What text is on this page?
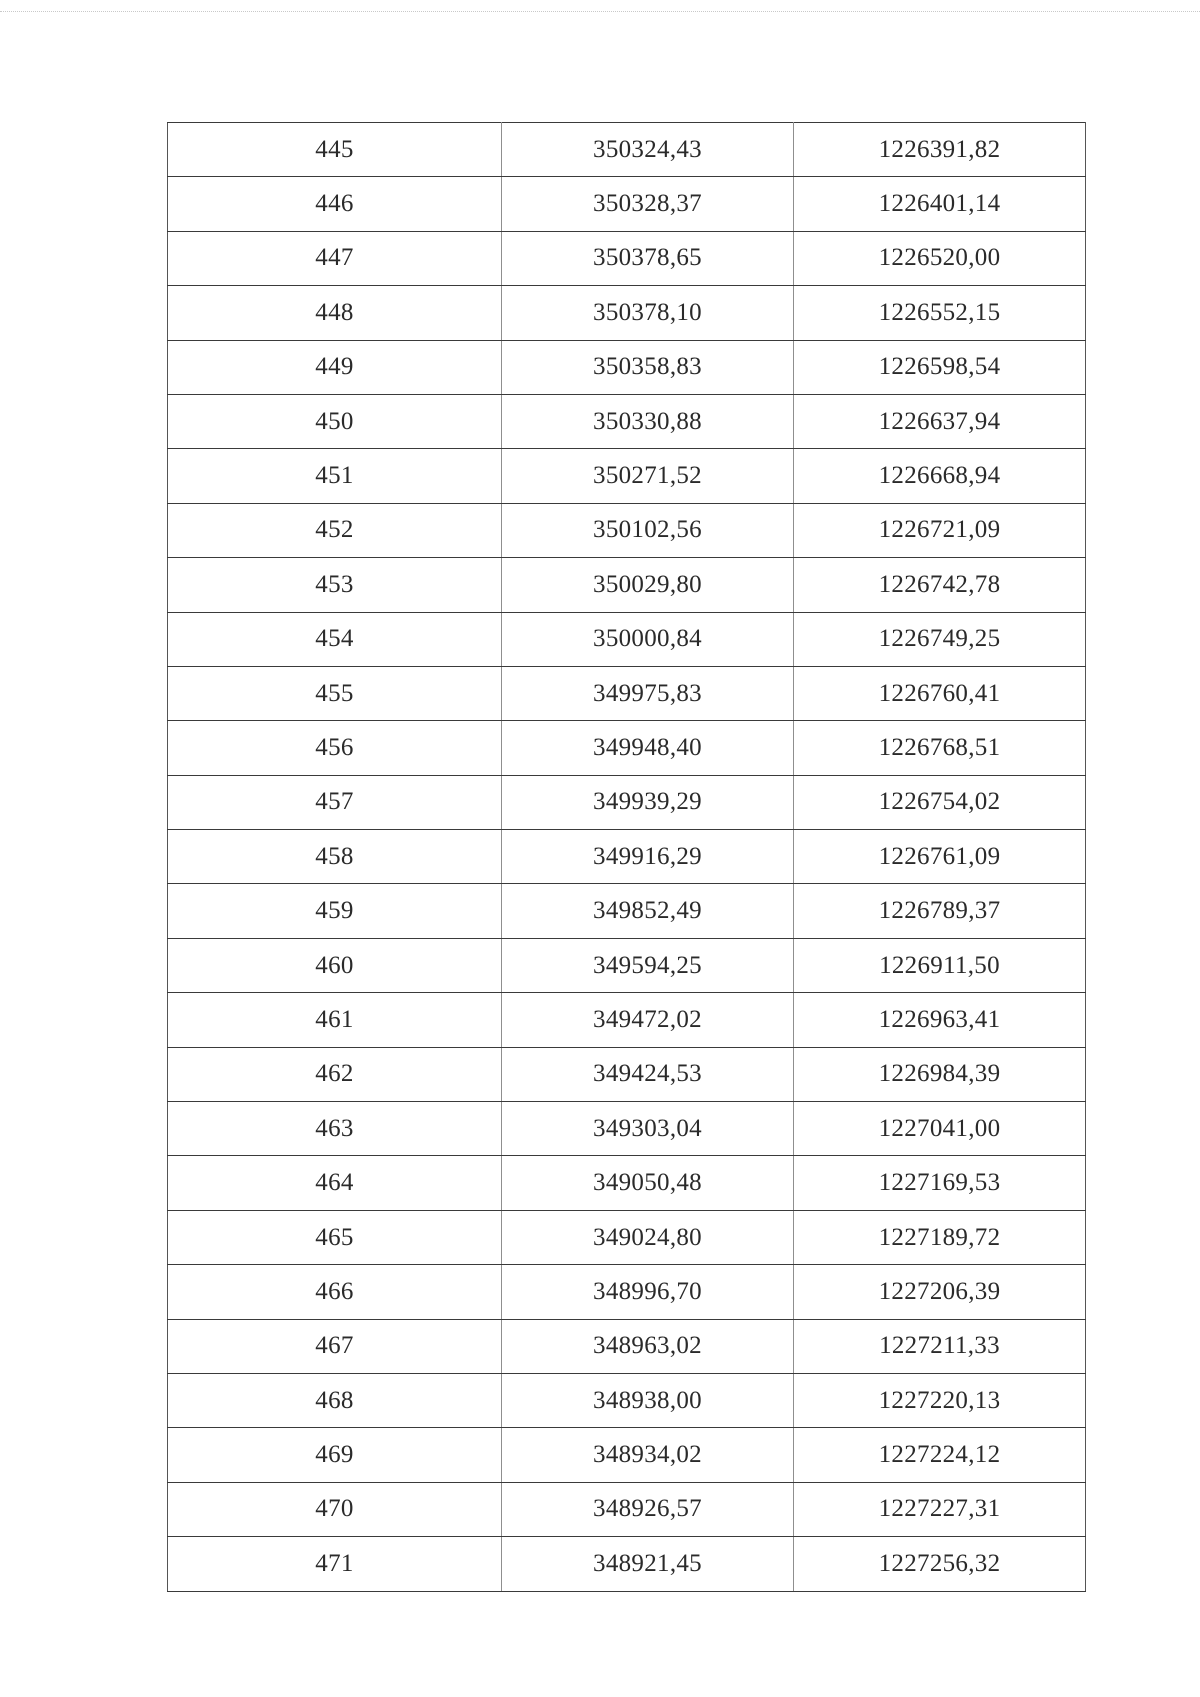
445	350324,43	1226391,82
446	350328,37	1226401,14
447	350378,65	1226520,00
448	350378,10	1226552,15
449	350358,83	1226598,54
450	350330,88	1226637,94
451	350271,52	1226668,94
452	350102,56	1226721,09
453	350029,80	1226742,78
454	350000,84	1226749,25
455	349975,83	1226760,41
456	349948,40	1226768,51
457	349939,29	1226754,02
458	349916,29	1226761,09
459	349852,49	1226789,37
460	349594,25	1226911,50
461	349472,02	1226963,41
462	349424,53	1226984,39
463	349303,04	1227041,00
464	349050,48	1227169,53
465	349024,80	1227189,72
466	348996,70	1227206,39
467	348963,02	1227211,33
468	348938,00	1227220,13
469	348934,02	1227224,12
470	348926,57	1227227,31
471	348921,45	1227256,32
